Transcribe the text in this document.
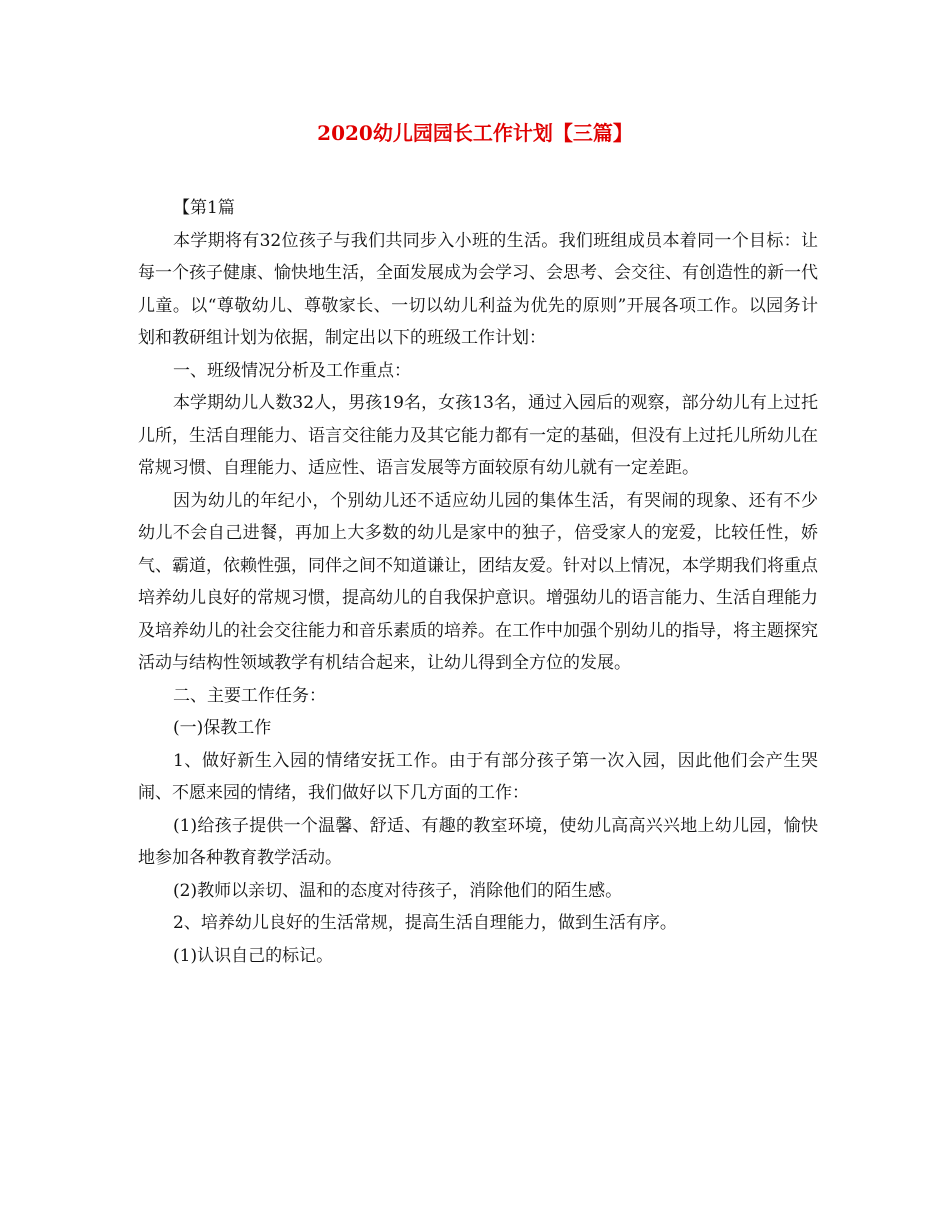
2020幼儿园园长工作计划【三篇】

【第1篇

本学期将有32位孩子与我们共同步入小班的生活。我们班组成员本着同一个目标：让每一个孩子健康、愉快地生活，全面发展成为会学习、会思考、会交往、有创造性的新一代儿童。以“尊敬幼儿、尊敬家长、一切以幼儿利益为优先的原则”开展各项工作。以园务计划和教研组计划为依据，制定出以下的班级工作计划：

一、班级情况分析及工作重点：

本学期幼儿人数32人，男孩19名，女孩13名，通过入园后的观察，部分幼儿有上过托儿所，生活自理能力、语言交往能力及其它能力都有一定的基础，但没有上过托儿所幼儿在常规习惯、自理能力、适应性、语言发展等方面较原有幼儿就有一定差距。

因为幼儿的年纪小，个别幼儿还不适应幼儿园的集体生活，有哭闹的现象、还有不少幼儿不会自己进餐，再加上大多数的幼儿是家中的独子，倍受家人的宠爱，比较任性，娇气、霸道，依赖性强，同伴之间不知道谦让，团结友爱。针对以上情况，本学期我们将重点培养幼儿良好的常规习惯，提高幼儿的自我保护意识。增强幼儿的语言能力、生活自理能力及培养幼儿的社会交往能力和音乐素质的培养。在工作中加强个别幼儿的指导，将主题探究活动与结构性领域教学有机结合起来，让幼儿得到全方位的发展。

二、主要工作任务：

(一)保教工作

1、做好新生入园的情绪安抚工作。由于有部分孩子第一次入园，因此他们会产生哭闹、不愿来园的情绪，我们做好以下几方面的工作：

(1)给孩子提供一个温馨、舒适、有趣的教室环境，使幼儿高高兴兴地上幼儿园，愉快地参加各种教育教学活动。

(2)教师以亲切、温和的态度对待孩子，消除他们的陌生感。

2、培养幼儿良好的生活常规，提高生活自理能力，做到生活有序。

(1)认识自己的标记。
